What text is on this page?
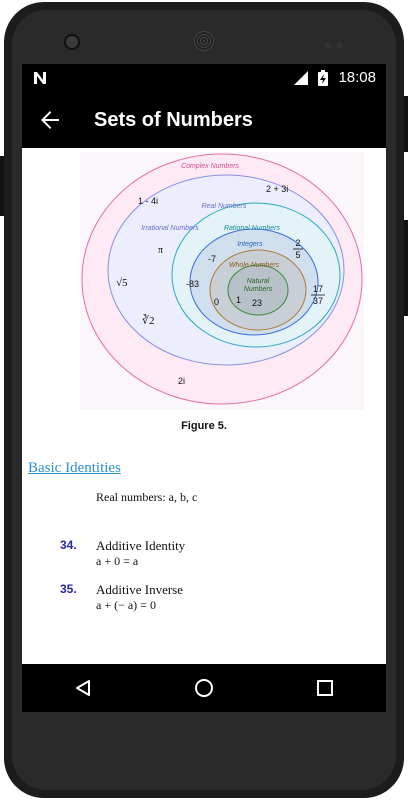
18:08
Sets of Numbers
Complex Numbers
Real Numbers
Irrational Numbers	Rational Numbers
Integers
Whole Numbers
Natural
Numbers
1 - 4i
2 + 3i
2i
π
√5
∛2
2
5
-7
-83	17
37
0 1 23
Figure 5.
Basic Identities
Real numbers: a, b, c
34. Additive Identity
a + 0 = a
35. Additive Inverse
a + (− a) = 0
